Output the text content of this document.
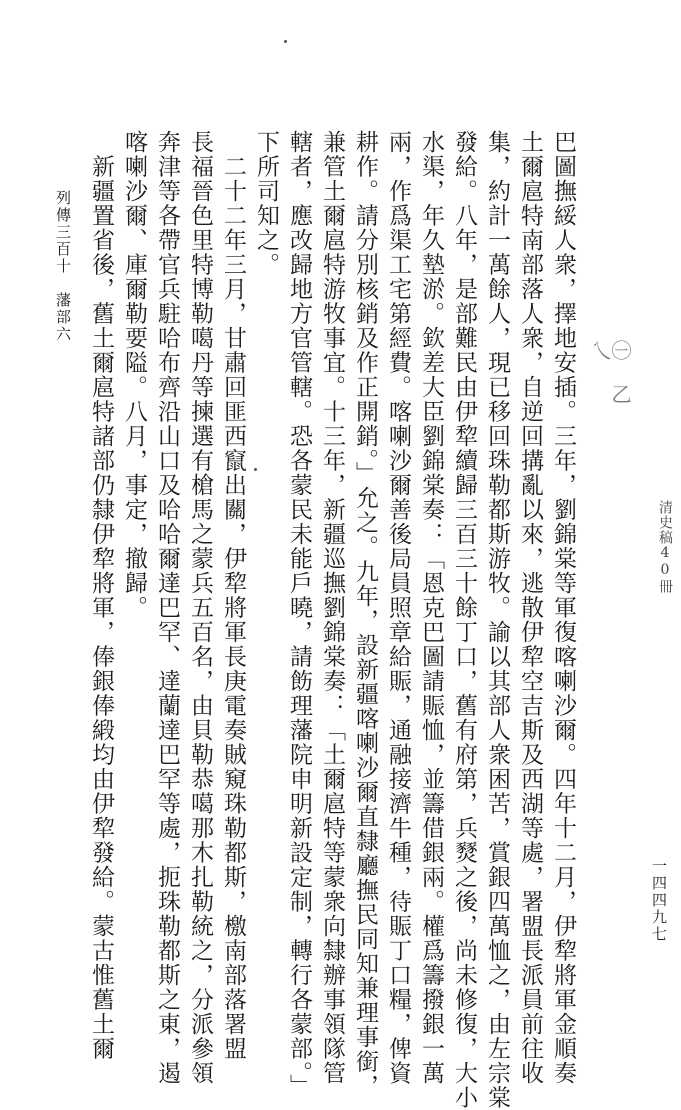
一四四九七
清史稿40冊
㊀ 乙 乀
巴圖撫綏人衆，擇地安插。三年，劉錦棠等軍復喀喇沙爾。四年十二月，伊犂將軍金順奏
土爾扈特南部落人衆，自逆回搆亂以來，逃散伊犂空吉斯及西湖等處，署盟長派員前往收
集，約計一萬餘人，現已移回珠勒都斯游牧。諭以其部人衆困苦，賞銀四萬恤之，由左宗棠
發給。八年，是部難民由伊犂續歸三百三十餘丁口，舊有府第，兵燹之後，尚未修復，大小
水渠，年久墊淤。欽差大臣劉錦棠奏：「恩克巴圖請賑恤，並籌借銀兩。權爲籌撥銀一萬
兩，作爲渠工宅第經費。喀喇沙爾善後局員照章給賑，通融接濟牛種，待賑丁口糧，俾資
耕作。請分別核銷及作正開銷。」允之。九年，設新疆喀喇沙爾直隸廳撫民同知兼理事銜，
兼管土爾扈特游牧事宜。十三年，新疆巡撫劉錦棠奏：「土爾扈特等蒙衆向隸辦事領隊管
轄者，應改歸地方官管轄。恐各蒙民未能戶曉，請飭理藩院申明新設定制，轉行各蒙部。」
下所司知之。
　二十二年三月，甘肅回匪西竄出關，伊犂將軍長庚電奏賊窺珠勒都斯，檄南部落署盟
長福晉色里特博勒噶丹等揀選有槍馬之蒙兵五百名，由貝勒恭噶那木扎勒統之，分派參領
奔津等各帶官兵駐哈布齊沿山口及哈哈爾達巴罕、達蘭達巴罕等處，扼珠勒都斯之東，遏
喀喇沙爾、庫爾勒要隘。八月，事定，撤歸。
　新疆置省後，舊土爾扈特諸部仍隸伊犂將軍，俸銀俸緞均由伊犂發給。蒙古惟舊土爾
列傳三百十　藩部六
